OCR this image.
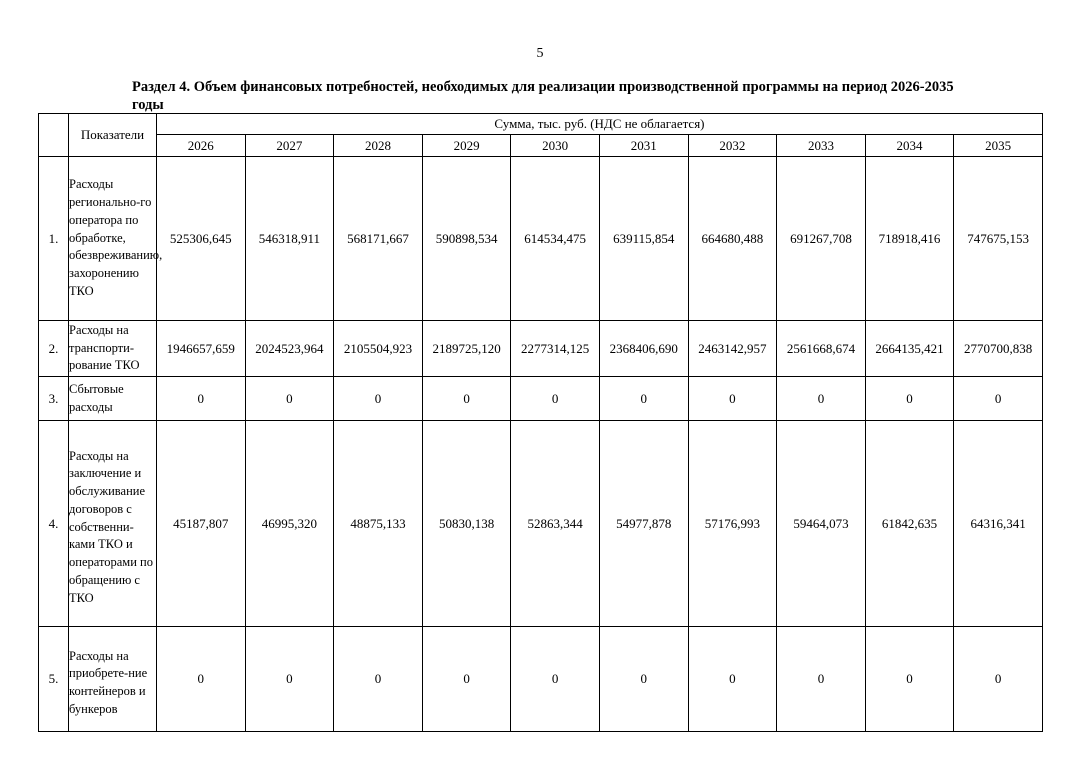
5
Раздел 4. Объем финансовых потребностей, необходимых для реализации производственной программы на период 2026-2035 годы
	Показатели	Сумма, тыс. руб. (НДС не облагается)									
		2026	2027	2028	2029	2030	2031	2032	2033	2034	2035
1.	Расходы регионально-го оператора по обработке, обезвреживанию, захоронению ТКО	525306,645	546318,911	568171,667	590898,534	614534,475	639115,854	664680,488	691267,708	718918,416	747675,153
2.	Расходы на транспорти-рование ТКО	1946657,659	2024523,964	2105504,923	2189725,120	2277314,125	2368406,690	2463142,957	2561668,674	2664135,421	2770700,838
3.	Сбытовые расходы	0	0	0	0	0	0	0	0	0	0
4.	Расходы на заключение и обслуживание договоров с собственни-ками ТКО и операторами по обращению с ТКО	45187,807	46995,320	48875,133	50830,138	52863,344	54977,878	57176,993	59464,073	61842,635	64316,341
5.	Расходы на приобрете-ние контейнеров и бункеров	0	0	0	0	0	0	0	0	0	0
